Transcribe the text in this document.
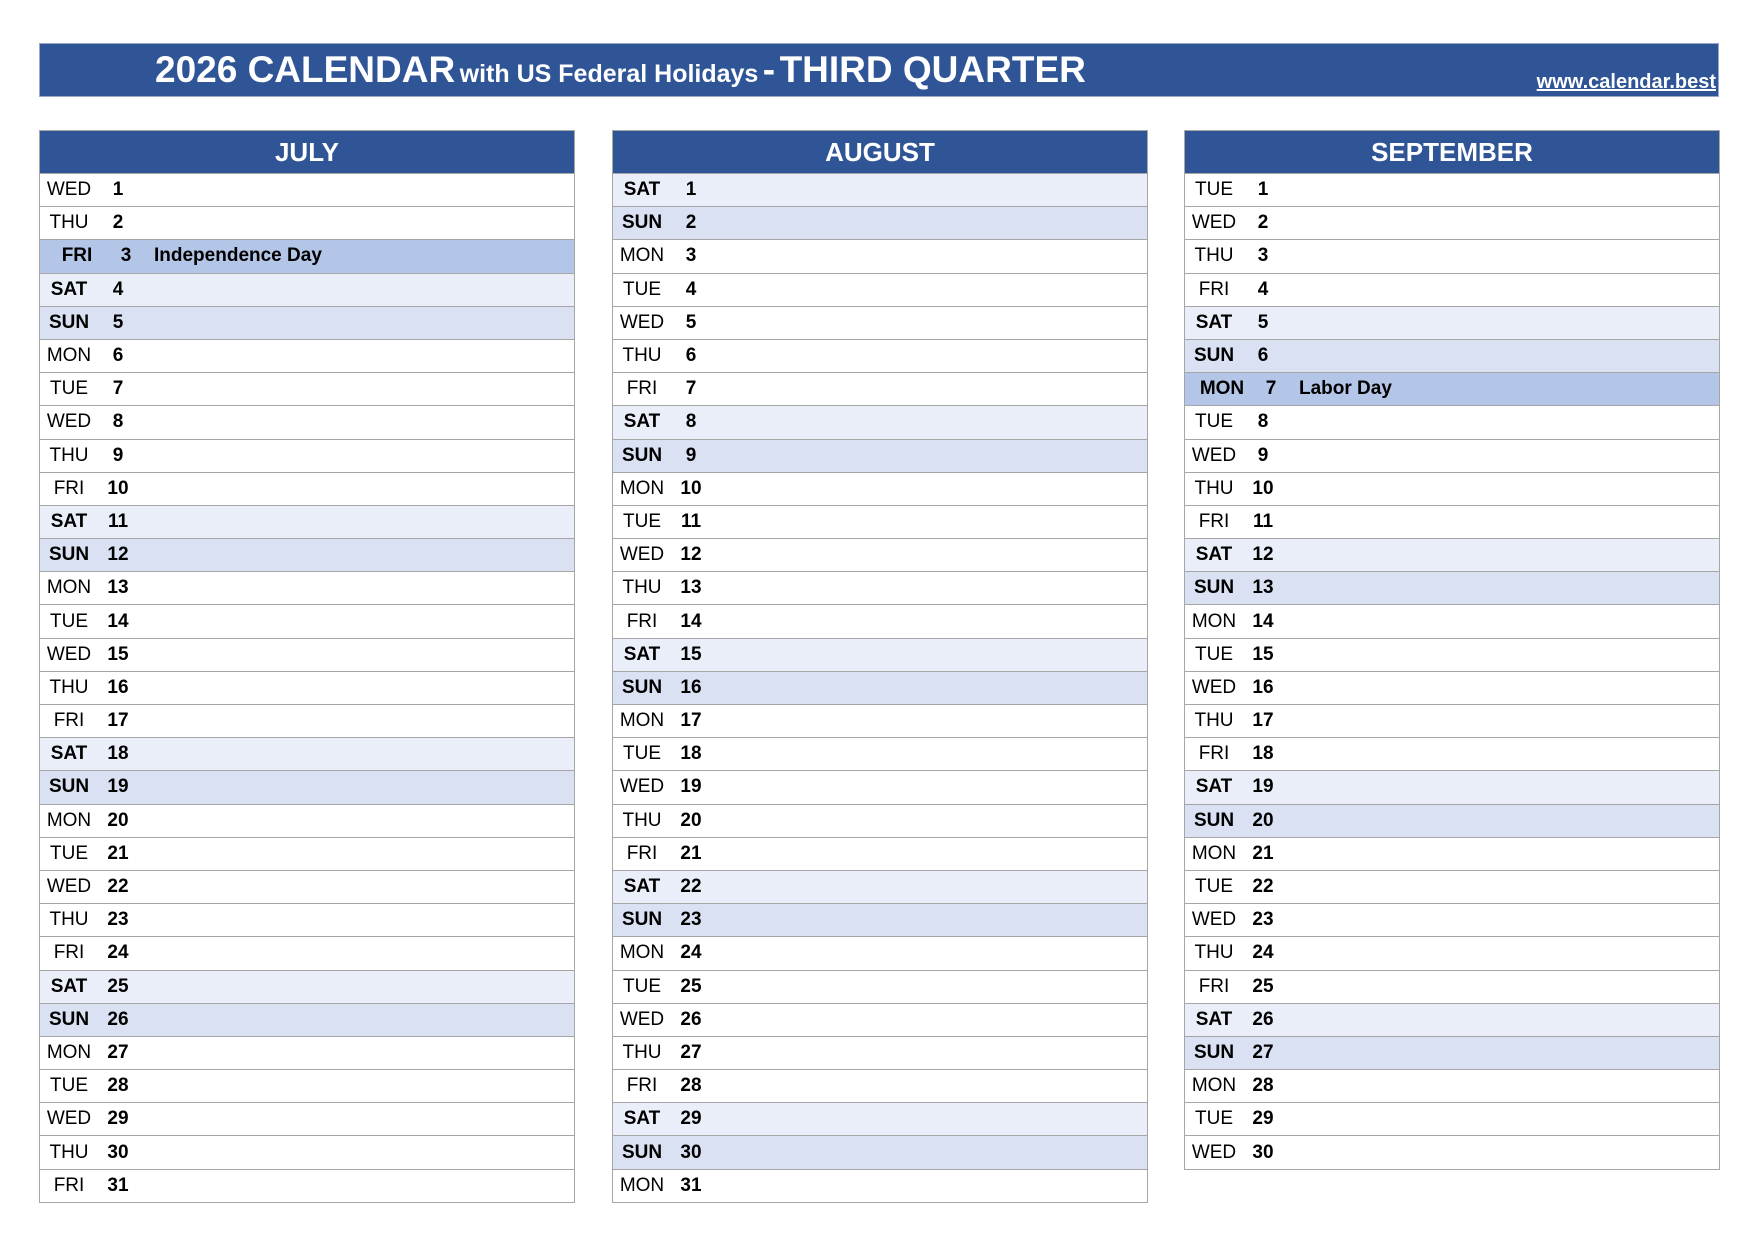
2026 CALENDAR with US Federal Holidays - THIRD QUARTER	www.calendar.best
JULY
WED	1
THU	2
FRI	3	Independence Day
SAT	4
SUN	5
MON	6
TUE	7
WED	8
THU	9
FRI	10
SAT	11
SUN 12
MON 13
TUE	14
WED 15
THU 16
FRI	17
SAT	18
SUN 19
MON 20
TUE	21
WED 22
THU 23
FRI	24
SAT	25
SUN 26
MON 27
TUE	28
WED 29
THU 30
FRI	31
AUGUST
SAT	1
SUN	2
MON	3
TUE	4
WED	5
THU	6
FRI	7
SAT	8
SUN	9
MON 10
TUE	11
WED 12
THU 13
FRI	14
SAT	15
SUN 16
MON 17
TUE	18
WED 19
THU 20
FRI	21
SAT	22
SUN 23
MON 24
TUE	25
WED 26
THU 27
FRI	28
SAT	29
SUN 30
MON 31
SEPTEMBER
TUE	1
WED	2
THU	3
FRI	4
SAT	5
SUN	6
MON	7	Labor Day
TUE	8
WED	9
THU 10
FRI	11
SAT	12
SUN 13
MON 14
TUE	15
WED 16
THU 17
FRI	18
SAT	19
SUN 20
MON 21
TUE	22
WED 23
THU 24
FRI	25
SAT	26
SUN 27
MON 28
TUE	29
WED 30
